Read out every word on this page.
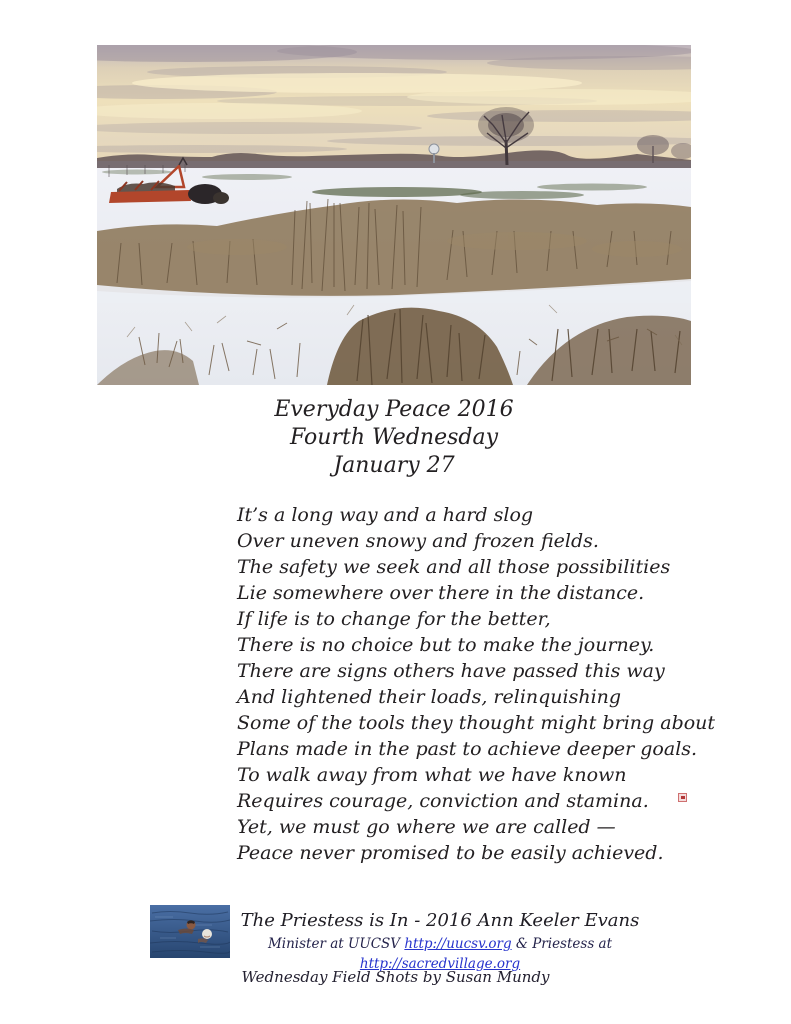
Everyday Peace 2016
Fourth Wednesday
January 27
It’s a long way and a hard slog
Over uneven snowy and frozen fields.
The safety we seek and all those possibilities
Lie somewhere over there in the distance.
If life is to change for the better,
There is no choice but to make the journey.
There are signs others have passed this way
And lightened their loads, relinquishing
Some of the tools they thought might bring about
Plans made in the past to achieve deeper goals.
To walk away from what we have known
Requires courage, conviction and stamina.
Yet, we must go where we are called —
Peace never promised to be easily achieved.
The Priestess is In - 2016 Ann Keeler Evans
Minister at UUCSV http://uucsv.org & Priestess at http://sacredvillage.org
Wednesday Field Shots by Susan Mundy
